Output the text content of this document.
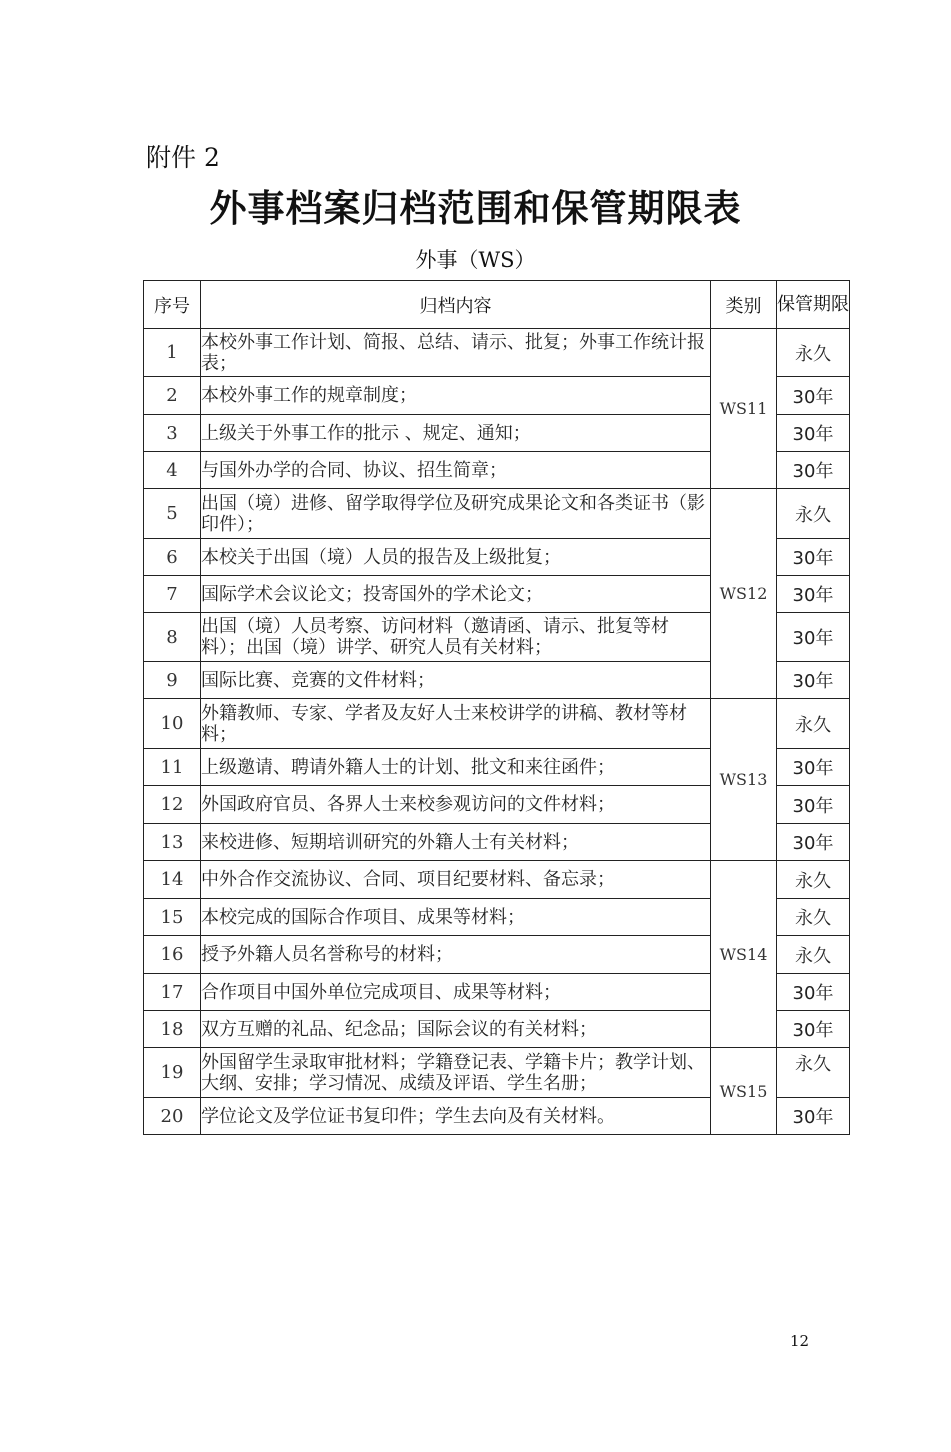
附件 2
外事档案归档范围和保管期限表
外事（WS）
序号	归档内容	类别	保管期限
1	本校外事工作计划、简报、总结、请示、批复；外事工作统计报表；	WS11	永久
2	本校外事工作的规章制度；		30年
3	上级关于外事工作的批示 、规定、通知；		30年
4	与国外办学的合同、协议、招生简章；		30年
5	出国（境）进修、留学取得学位及研究成果论文和各类证书（影印件）；	WS12	永久
6	本校关于出国（境）人员的报告及上级批复；		30年
7	国际学术会议论文；投寄国外的学术论文；		30年
8	出国（境）人员考察、访问材料（邀请函、请示、批复等材料）；出国（境）讲学、研究人员有关材料；		30年
9	国际比赛、竞赛的文件材料；		30年
10	外籍教师、专家、学者及友好人士来校讲学的讲稿、教材等材料；	WS13	永久
11	上级邀请、聘请外籍人士的计划、批文和来往函件；		30年
12	外国政府官员、各界人士来校参观访问的文件材料；		30年
13	来校进修、短期培训研究的外籍人士有关材料；		30年
14	中外合作交流协议、合同、项目纪要材料、备忘录；	WS14	永久
15	本校完成的国际合作项目、成果等材料；		永久
16	授予外籍人员名誉称号的材料；		永久
17	合作项目中国外单位完成项目、成果等材料；		30年
18	双方互赠的礼品、纪念品；国际会议的有关材料；		30年
19	外国留学生录取审批材料；学籍登记表、学籍卡片；教学计划、大纲、安排；学习情况、成绩及评语、学生名册；	WS15	永久
20	学位论文及学位证书复印件；学生去向及有关材料。		30年
12
